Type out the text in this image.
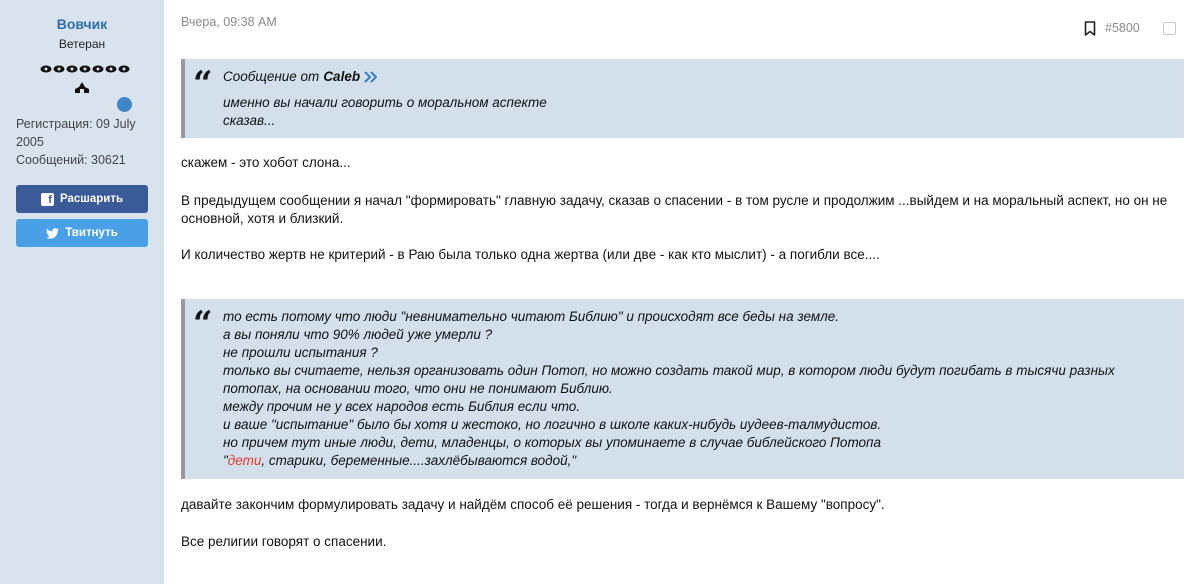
Вовчик
Ветеран
Регистрация: 09 July 2005
Сообщений: 30621
f Расшарить
Твитнуть
Вчера, 09:38 AM	#5800
“ Сообщение от Caleb
именно вы начали говорить о моральном аспекте
сказав...
скажем - это хобот слона...
В предыдущем сообщении я начал "формировать" главную задачу, сказав о спасении - в том русле и продолжим ...выйдем и на моральный аспект, но он не основной, хотя и близкий.
И количество жертв не критерий - в Раю была только одна жертва (или две - как кто мыслит) - а погибли все....
“ то есть потому что люди "невнимательно читают Библию" и происходят все беды на земле.
а вы поняли что 90% людей уже умерли ?
не прошли испытания ?
только вы считаете, нельзя организовать один Потоп, но можно создать такой мир, в котором люди будут погибать в тысячи разных потопах, на основании того, что они не понимают Библию.
между прочим не у всех народов есть Библия если что.
и ваше "испытание" было бы хотя и жестоко, но логично в школе каких-нибудь иудеев-талмудистов.
но причем тут иные люди, дети, младенцы, о которых вы упоминаете в случае библейского Потопа
"дети, старики, беременные....захлёбываются водой,"
давайте закончим формулировать задачу и найдём способ её решения - тогда и вернёмся к Вашему "вопросу".
Все религии говорят о спасении.
